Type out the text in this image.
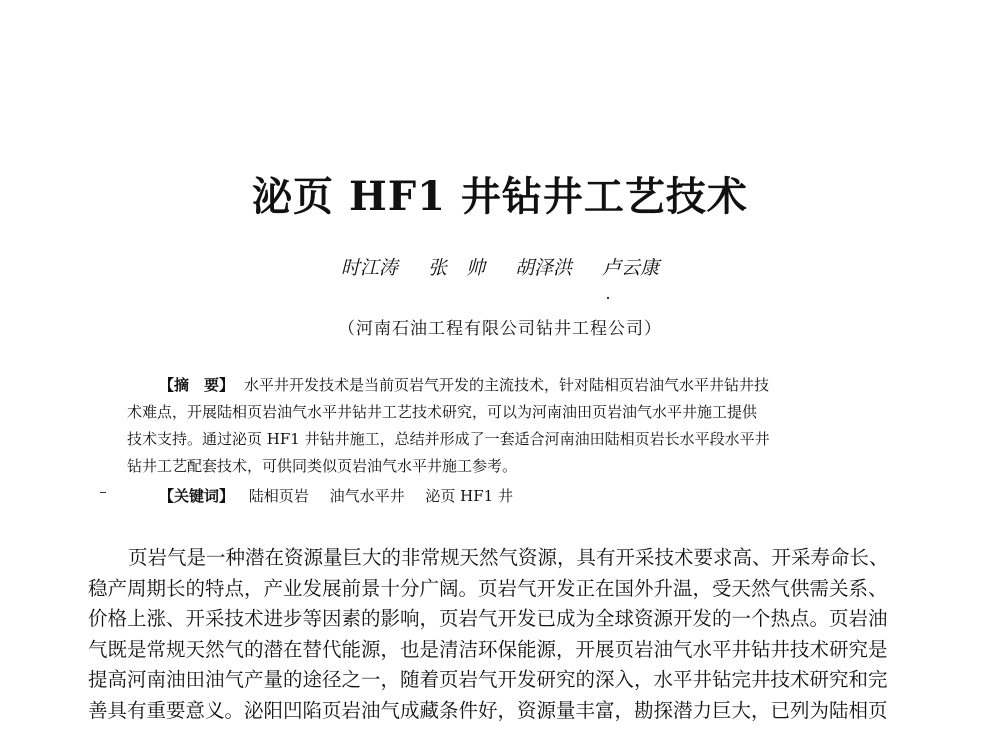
泌页 HF1 井钻井工艺技术
时江涛 张　帅 胡泽洪 卢云康
（河南石油工程有限公司钻井工程公司）
【摘　要】 水平井开发技术是当前页岩气开发的主流技术，针对陆相页岩油气水平井钻井技
术难点，开展陆相页岩油气水平井钻井工艺技术研究，可以为河南油田页岩油气水平井施工提供
技术支持。通过泌页 HF1 井钻井施工，总结并形成了一套适合河南油田陆相页岩长水平段水平井
钻井工艺配套技术，可供同类似页岩油气水平井施工参考。
【关键词】 陆相页岩 油气水平井 泌页 HF1 井
页岩气是一种潜在资源量巨大的非常规天然气资源，具有开采技术要求高、开采寿命长、
稳产周期长的特点，产业发展前景十分广阔。页岩气开发正在国外升温，受天然气供需关系、
价格上涨、开采技术进步等因素的影响，页岩气开发已成为全球资源开发的一个热点。页岩油
气既是常规天然气的潜在替代能源，也是清洁环保能源，开展页岩油气水平井钻井技术研究是
提高河南油田油气产量的途径之一，随着页岩气开发研究的深入，水平井钻完井技术研究和完
善具有重要意义。泌阳凹陷页岩油气成藏条件好，资源量丰富，勘探潜力巨大，已列为陆相页
